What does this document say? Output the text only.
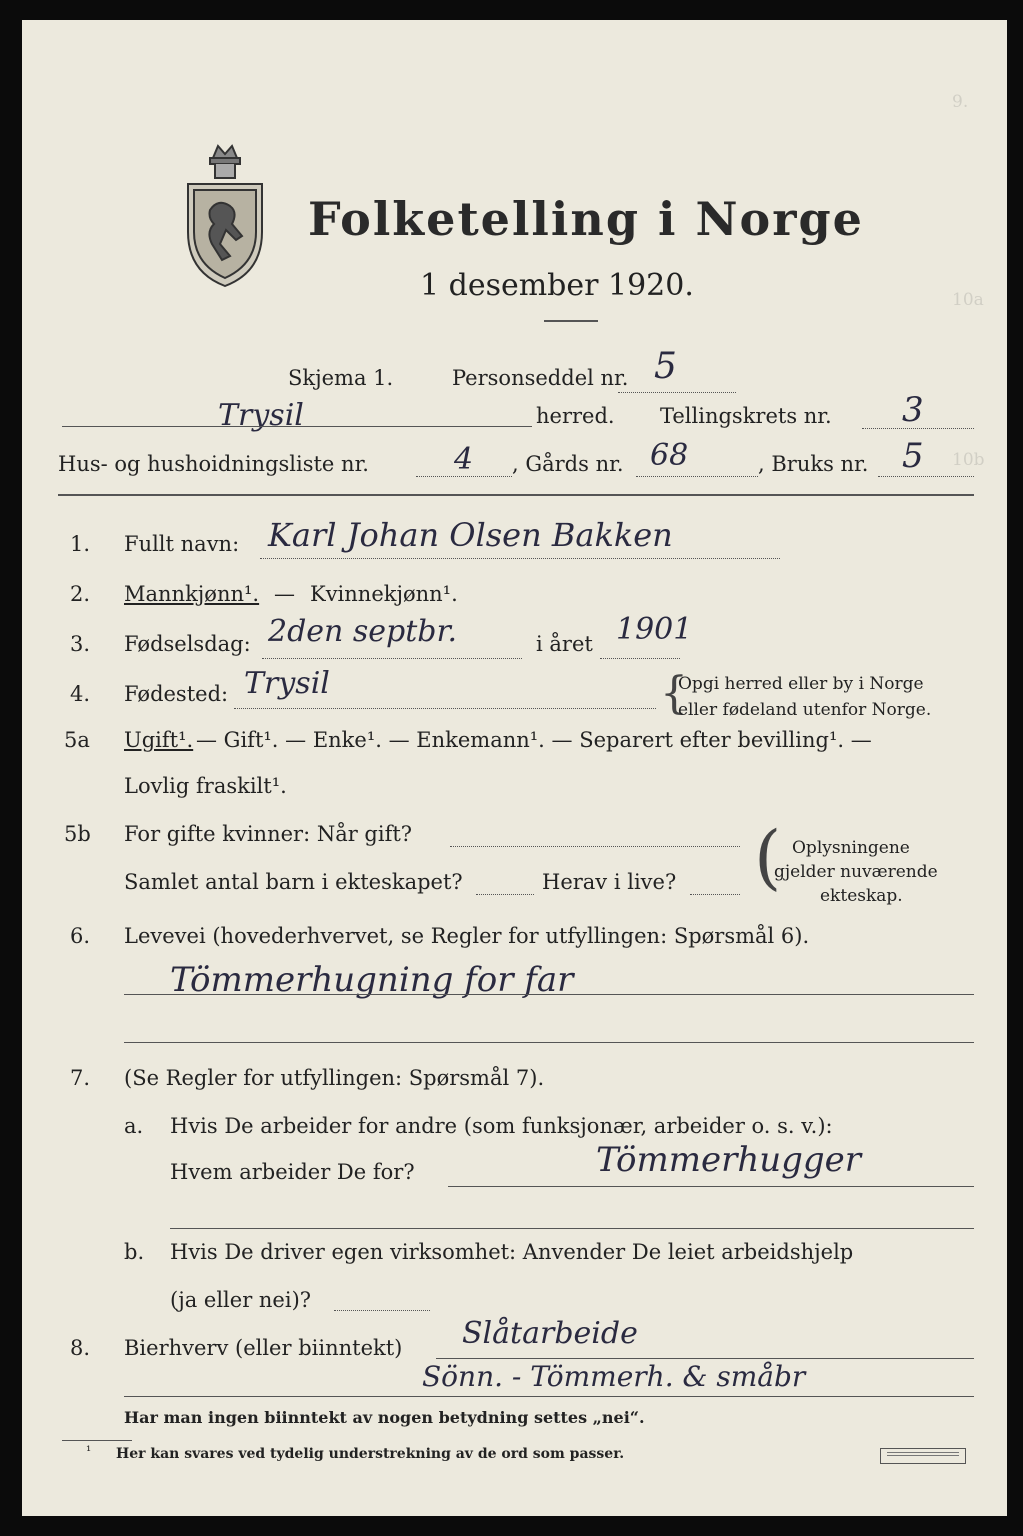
9.
10a
10b
Folketelling i Norge
1 desember 1920.
Skjema 1.	Personseddel nr. 5
Trysil	herred. Tellingskrets nr. 3
Hus- og hushoidningsliste nr.	4 , Gårds nr. 68	, Bruks nr. 5
1. Fullt navn: Karl Johan Olsen Bakken
2. Mannkjønn¹. — Kvinnekjønn¹.
3. Fødselsdag: 2den septbr.	i året 1901
4. Fødested: Trysil	{
Opgi herred eller by i Norge
eller fødeland utenfor Norge.
5a Ugift¹. — Gift¹. — Enke¹. — Enkemann¹. — Separert efter bevilling¹. —
Lovlig fraskilt¹.
5b For gifte kvinner: Når gift?
Samlet antal barn i ekteskapet?	Herav i live? ( Oplysningene
gjelder nuværende
ekteskap.
6. Levevei (hovederhvervet, se Regler for utfyllingen: Spørsmål 6).
Tömmerhugning for far
7. (Se Regler for utfyllingen: Spørsmål 7).
a. Hvis De arbeider for andre (som funksjonær, arbeider o. s. v.):
Hvem arbeider De for?	Tömmerhugger
b. Hvis De driver egen virksomhet: Anvender De leiet arbeidshjelp
(ja eller nei)?
8. Bierhverv (eller biinntekt) Slåtarbeide
Sönn. - Tömmerh. & småbr
Har man ingen biinntekt av nogen betydning settes „nei“.
¹ Her kan svares ved tydelig understrekning av de ord som passer.
